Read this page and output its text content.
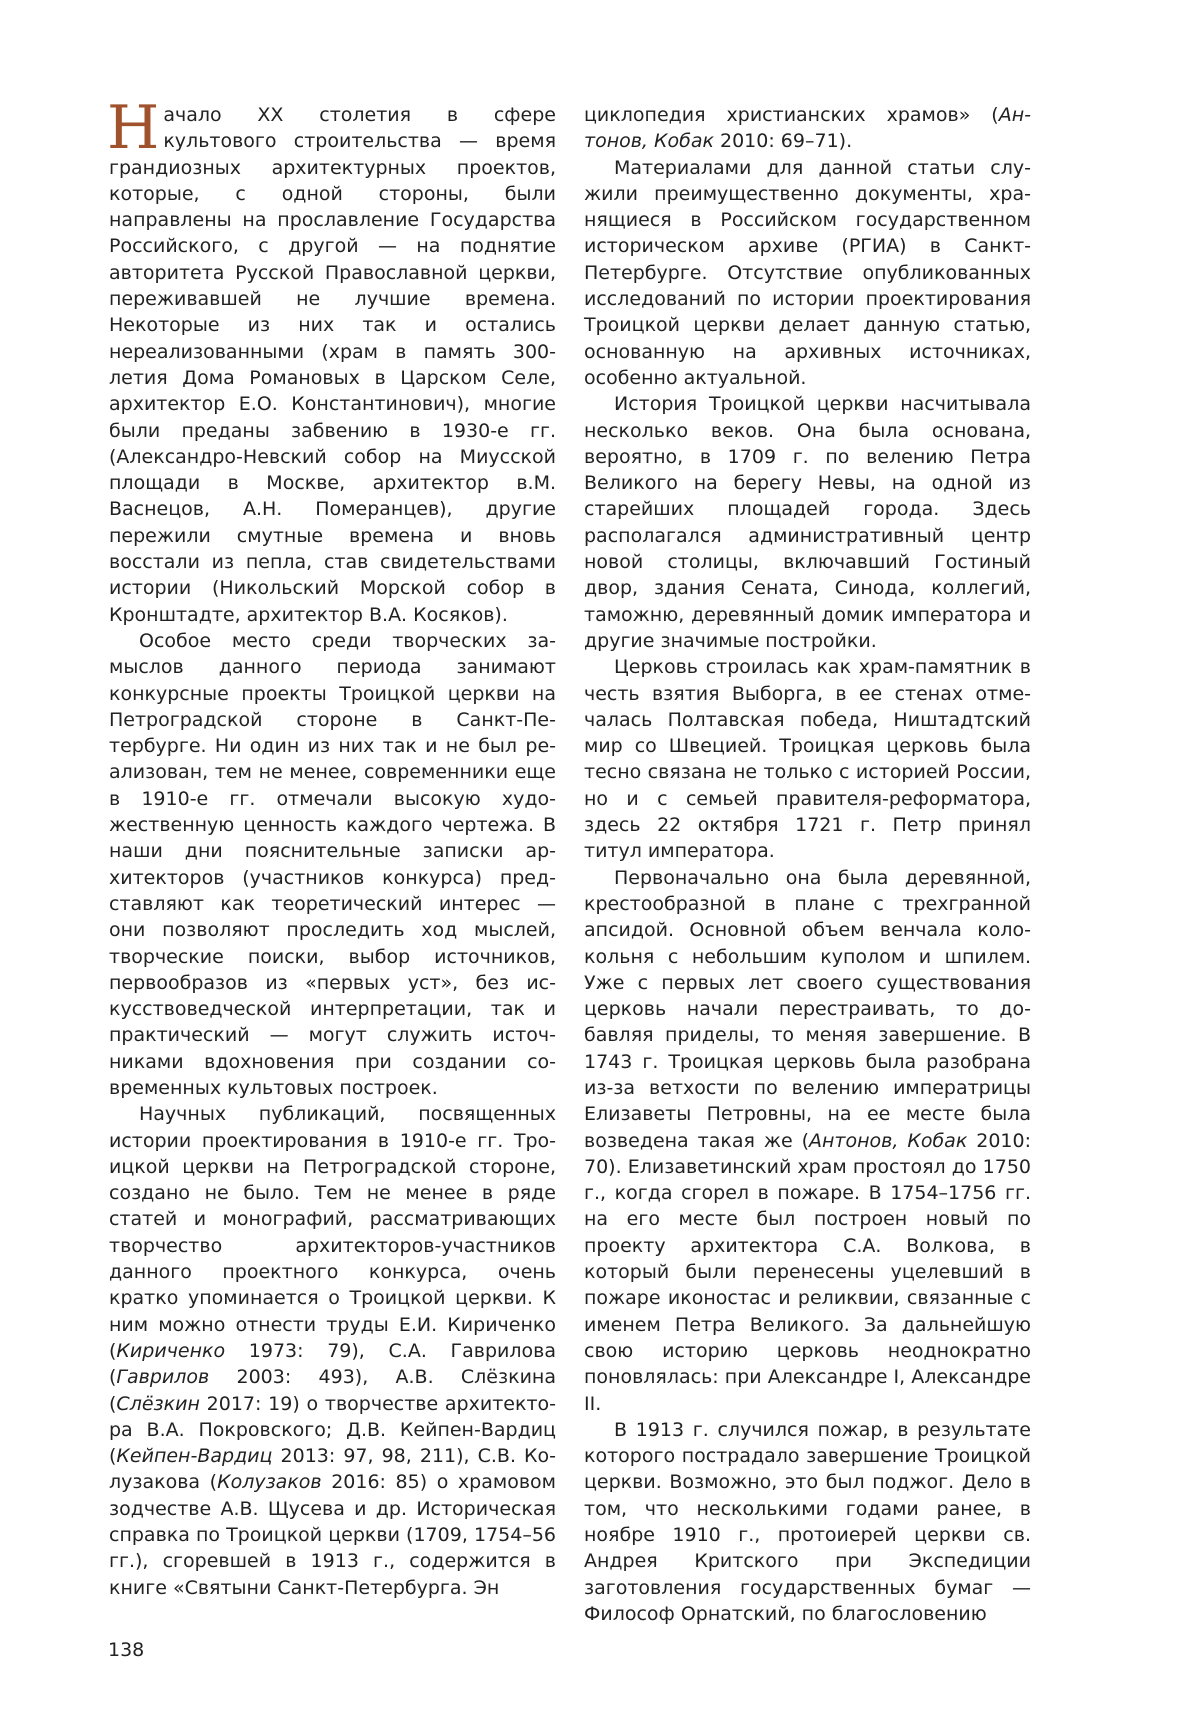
Начало XX столетия в сфере культового строительства — время грандиозных архитектурных проектов, которые, с одной стороны, были направлены на прославление Государства Российского, с другой — на поднятие авторитета Русской Православной церкви, переживавшей не лучшие времена. Некоторые из них так и остались нереализованными (храм в память 300-летия Дома Романовых в Царском Селе, архитектор Е.О. Константинович), многие были преданы забвению в 1930-е гг. (Александро-Невский собор на Миусской площади в Москве, архитектор в.М. Васнецов, А.Н. Померанцев), другие пережили смутные времена и вновь восстали из пепла, став свидетельствами истории (Никольский Морской собор в Кронштадте, архитектор В.А. Косяков).

Особое место среди творческих замыслов данного периода занимают конкурсные проекты Троицкой церкви на Петроградской стороне в Санкт-Петербурге. Ни один из них так и не был реализован, тем не менее, современники еще в 1910-е гг. отмечали высокую художественную ценность каждого чертежа. В наши дни пояснительные записки архитекторов (участников конкурса) представляют как теоретический интерес — они позволяют проследить ход мыслей, творческие поиски, выбор источников, первообразов из «первых уст», без искусствоведческой интерпретации, так и практический — могут служить источниками вдохновения при создании современных культовых построек.

Научных публикаций, посвященных истории проектирования в 1910-е гг. Троицкой церкви на Петроградской стороне, создано не было. Тем не менее в ряде статей и монографий, рассматривающих творчество архитекторов-участников данного проектного конкурса, очень кратко упоминается о Троицкой церкви. К ним можно отнести труды Е.И. Кириченко (Кириченко 1973: 79), С.А. Гаврилова (Гаврилов 2003: 493), А.В. Слёзкина (Слёзкин 2017: 19) о творчестве архитектора В.А. Покровского; Д.В. Кейпен-Вардиц (Кейпен-Вардиц 2013: 97, 98, 211), С.В. Колузакова (Колузаков 2016: 85) о храмовом зодчестве А.В. Щусева и др. Историческая справка по Троицкой церкви (1709, 1754–56 гг.), сгоревшей в 1913 г., содержится в книге «Святыни Санкт-Петербурга. Эн

циклопедия христианских храмов» (Антонов, Кобак 2010: 69–71).

Материалами для данной статьи служили преимущественно документы, хранящиеся в Российском государственном историческом архиве (РГИА) в Санкт-Петербурге. Отсутствие опубликованных исследований по истории проектирования Троицкой церкви делает данную статью, основанную на архивных источниках, особенно актуальной.

История Троицкой церкви насчитывала несколько веков. Она была основана, вероятно, в 1709 г. по велению Петра Великого на берегу Невы, на одной из старейших площадей города. Здесь располагался административный центр новой столицы, включавший Гостиный двор, здания Сената, Синода, коллегий, таможню, деревянный домик императора и другие значимые постройки.

Церковь строилась как храм-памятник в честь взятия Выборга, в ее стенах отмечалась Полтавская победа, Ништадтский мир со Швецией. Троицкая церковь была тесно связана не только с историей России, но и с семьей правителя-реформатора, здесь 22 октября 1721 г. Петр принял титул императора.

Первоначально она была деревянной, крестообразной в плане с трехгранной апсидой. Основной объем венчала колокольня с небольшим куполом и шпилем. Уже с первых лет своего существования церковь начали перестраивать, то добавляя приделы, то меняя завершение. В 1743 г. Троицкая церковь была разобрана из-за ветхости по велению императрицы Елизаветы Петровны, на ее месте была возведена такая же (Антонов, Кобак 2010: 70). Елизаветинский храм простоял до 1750 г., когда сгорел в пожаре. В 1754–1756 гг. на его месте был построен новый по проекту архитектора С.А. Волкова, в который были перенесены уцелевший в пожаре иконостас и реликвии, связанные с именем Петра Великого. За дальнейшую свою историю церковь неоднократно поновлялась: при Александре I, Александре II.

В 1913 г. случился пожар, в результате которого пострадало завершение Троицкой церкви. Возможно, это был поджог. Дело в том, что несколькими годами ранее, в ноябре 1910 г., протоиерей церкви св. Андрея Критского при Экспедиции заготовления государственных бумаг — Философ Орнатский, по благословению

138
